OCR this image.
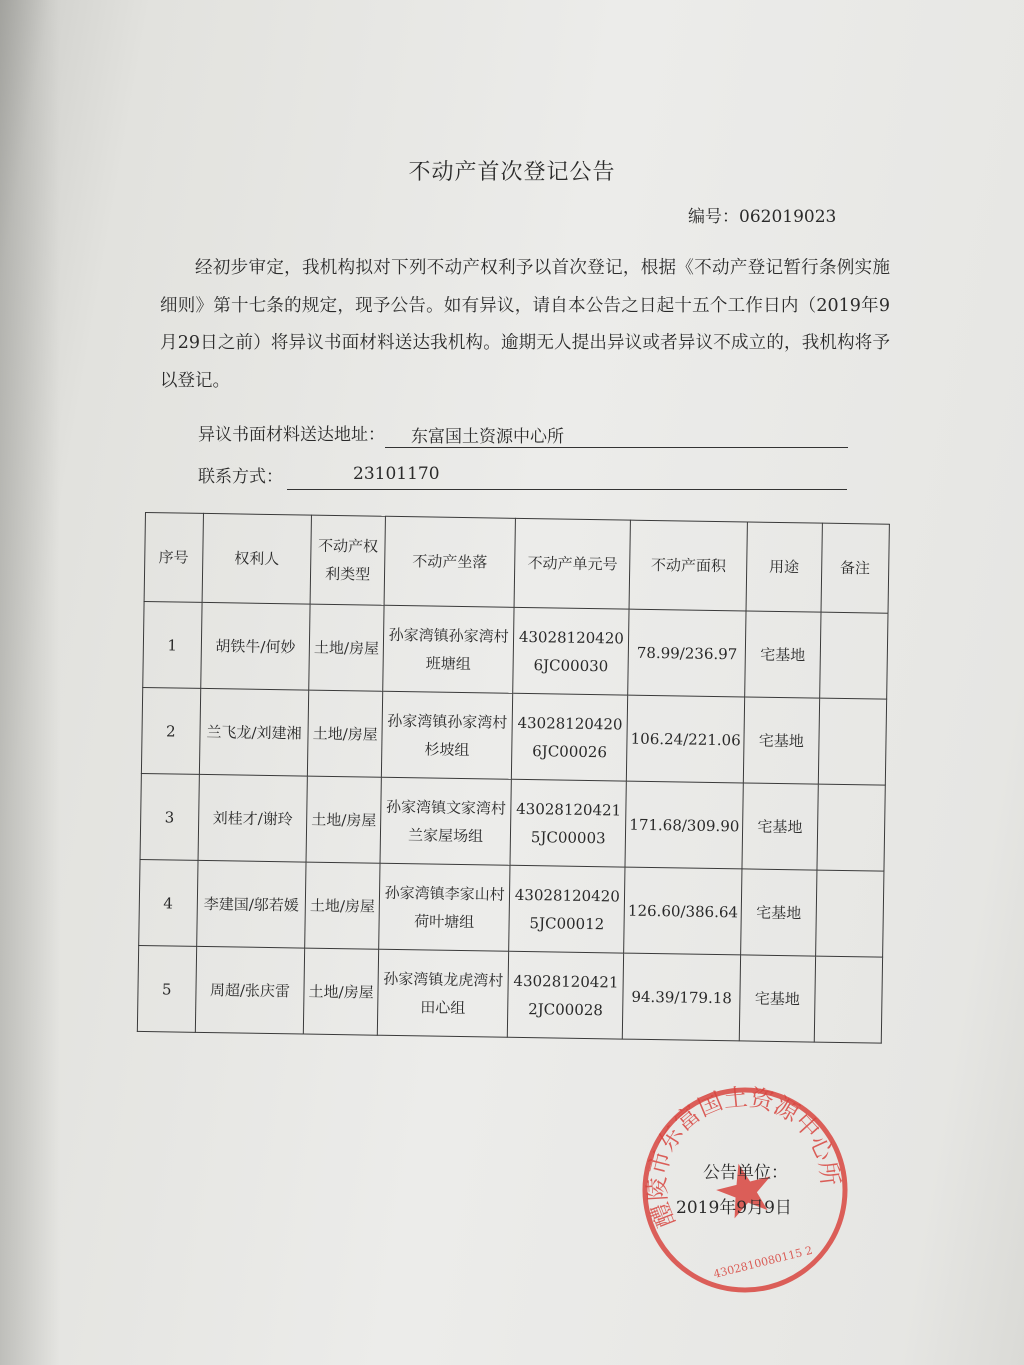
不动产首次登记公告
编号：062019023
经初步审定，我机构拟对下列不动产权利予以首次登记，根据《不动产登记暂行条例实施细则》第十七条的规定，现予公告。如有异议，请自本公告之日起十五个工作日内（2019年9月29日之前）将异议书面材料送达我机构。逾期无人提出异议或者异议不成立的，我机构将予以登记。
异议书面材料送达地址：	东富国土资源中心所
联系方式：	23101170
序号	权利人	不动产权利类型	不动产坐落	不动产单元号	不动产面积	用途	备注
1	胡铁牛/何妙	土地/房屋	孙家湾镇孙家湾村班塘组	430281204206JC00030	78.99/236.97	宅基地	
2	兰飞龙/刘建湘	土地/房屋	孙家湾镇孙家湾村杉坡组	430281204206JC00026	106.24/221.06	宅基地	
3	刘桂才/谢玲	土地/房屋	孙家湾镇文家湾村兰家屋场组	430281204215JC00003	171.68/309.90	宅基地	
4	李建国/邬若媛	土地/房屋	孙家湾镇李家山村荷叶塘组	430281204205JC00012	126.60/386.64	宅基地	
5	周超/张庆雷	土地/房屋	孙家湾镇龙虎湾村田心组	430281204212JC00028	94.39/179.18	宅基地	
醴陵市东富国土资源中心所
4302810080115 2
公告单位：
2019年9月9日
